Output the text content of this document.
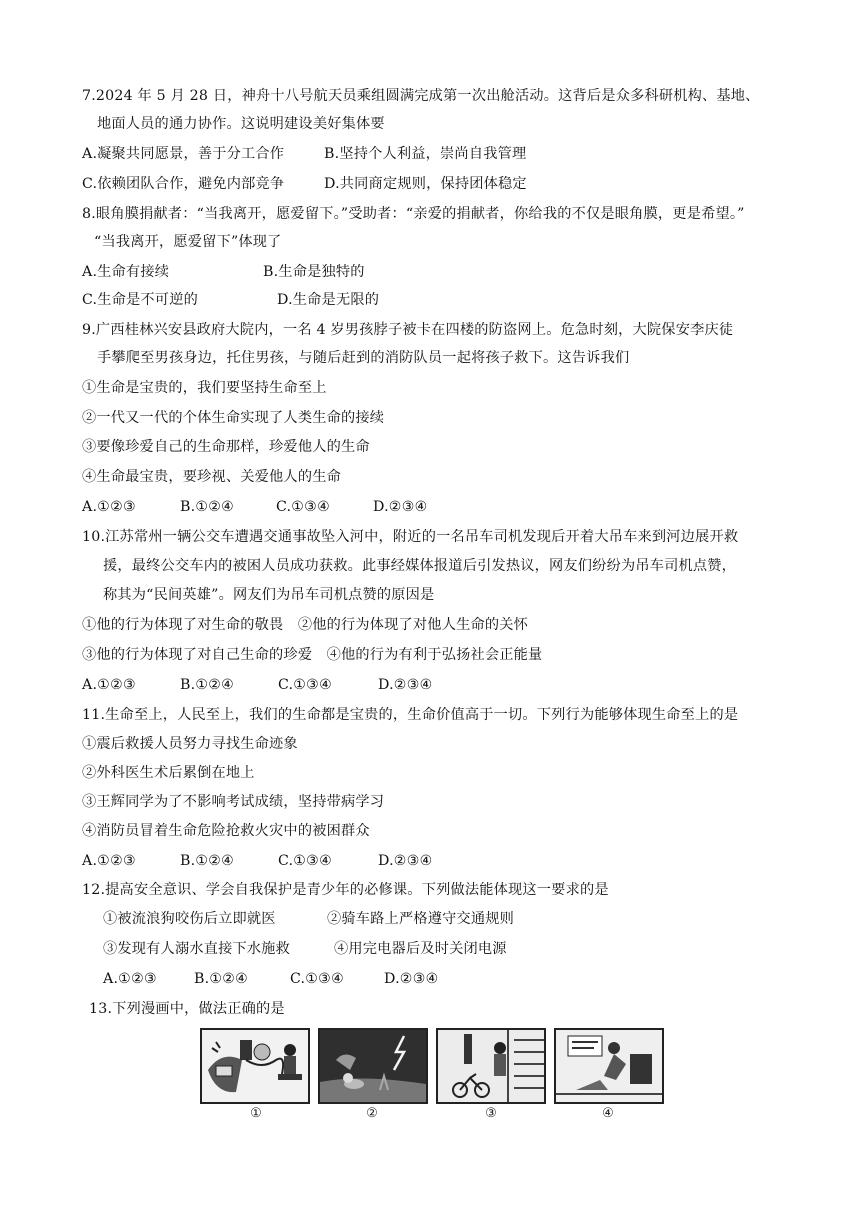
7.2024 年 5 月 28 日，神舟十八号航天员乘组圆满完成第一次出舱活动。这背后是众多科研机构、基地、
地面人员的通力协作。这说明建设美好集体要
A.凝聚共同愿景，善于分工合作	B.坚持个人利益，崇尚自我管理
C.依赖团队合作，避免内部竞争	D.共同商定规则，保持团体稳定
8.眼角膜捐献者：“当我离开，愿爱留下。”受助者：“亲爱的捐献者，你给我的不仅是眼角膜，更是希望。”
“当我离开，愿爱留下”体现了
A.生命有接续	B.生命是独特的
C.生命是不可逆的	D.生命是无限的
9.广西桂林兴安县政府大院内，一名 4 岁男孩脖子被卡在四楼的防盗网上。危急时刻，大院保安李庆徒
手攀爬至男孩身边，托住男孩，与随后赶到的消防队员一起将孩子救下。这告诉我们
①生命是宝贵的，我们要坚持生命至上
②一代又一代的个体生命实现了人类生命的接续
③要像珍爱自己的生命那样，珍爱他人的生命
④生命最宝贵，要珍视、关爱他人的生命
A.①②③	B.①②④	C.①③④	D.②③④
10.江苏常州一辆公交车遭遇交通事故坠入河中，附近的一名吊车司机发现后开着大吊车来到河边展开救
援，最终公交车内的被困人员成功获救。此事经媒体报道后引发热议，网友们纷纷为吊车司机点赞，
称其为“民间英雄”。网友们为吊车司机点赞的原因是
①他的行为体现了对生命的敬畏　②他的行为体现了对他人生命的关怀
③他的行为体现了对自己生命的珍爱　④他的行为有利于弘扬社会正能量
A.①②③	B.①②④	C.①③④	D.②③④
11.生命至上，人民至上，我们的生命都是宝贵的，生命价值高于一切。下列行为能够体现生命至上的是
①震后救援人员努力寻找生命迹象
②外科医生术后累倒在地上
③王辉同学为了不影响考试成绩，坚持带病学习
④消防员冒着生命危险抢救火灾中的被困群众
A.①②③	B.①②④	C.①③④	D.②③④
12.提高安全意识、学会自我保护是青少年的必修课。下列做法能体现这一要求的是
①被流浪狗咬伤后立即就医	②骑车路上严格遵守交通规则
③发现有人溺水直接下水施救	④用完电器后及时关闭电源
A.①②③	B.①②④	C.①③④	D.②③④
13.下列漫画中，做法正确的是
①	②	③	④
